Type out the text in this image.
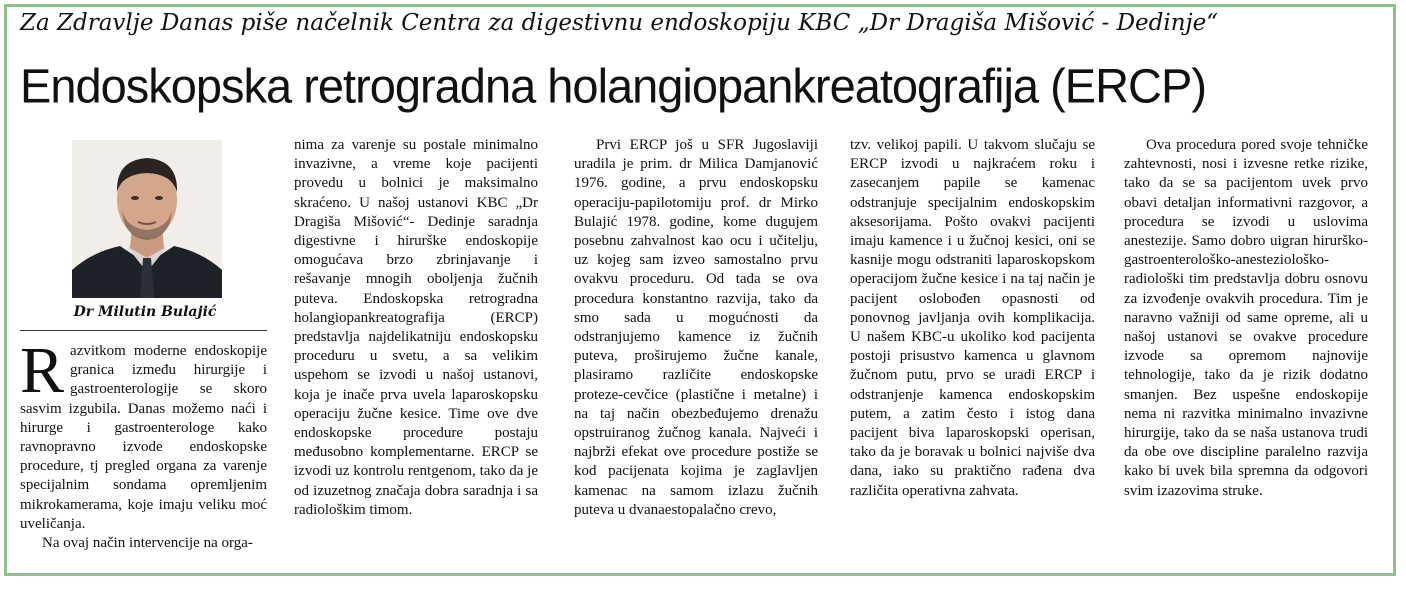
Za Zdravlje Danas piše načelnik Centra za digestivnu endoskopiju KBC „Dr Dragiša Mišović - Dedinje“
Endoskopska retrogradna holangiopankreatografija (ERCP)
Dr Milutin Bulajić

Razvitkom moderne endoskopije granica između hirurgije i gastroenterologije se skoro sasvim izgubila. Danas možemo naći i hirurge i gastroenterologe kako ravnopravno izvode endoskopske procedure, tj pregled organa za varenje specijalnim sondama opremljenim mikrokamerama, koje imaju veliku moć uveličanja.

Na ovaj način intervencije na orga-

nima za varenje su postale minimalno invazivne, a vreme koje pacijenti provedu u bolnici je maksimalno skraćeno. U našoj ustanovi KBC „Dr Dragiša Mišović“- Dedinje saradnja digestivne i hirurške endoskopije omogućava brzo zbrinjavanje i rešavanje mnogih oboljenja žučnih puteva. Endoskopska retrogradna holangiopankreatografija (ERCP) predstavlja najdelikatniju endoskopsku proceduru u svetu, a sa velikim uspehom se izvodi u našoj ustanovi, koja je inače prva uvela laparoskopsku operaciju žučne kesice. Time ove dve endoskopske procedure postaju međusobno komplementarne. ERCP se izvodi uz kontrolu rentgenom, tako da je od izuzetnog značaja dobra saradnja i sa radiološkim timom.

Prvi ERCP još u SFR Jugoslaviji uradila je prim. dr Milica Damjanović 1976. godine, a prvu endoskopsku operaciju-papilotomiju prof. dr Mirko Bulajić 1978. godine, kome dugujem posebnu zahvalnost kao ocu i učitelju, uz kojeg sam izveo samostalno prvu ovakvu proceduru. Od tada se ova procedura konstantno razvija, tako da smo sada u mogućnosti da odstranjujemo kamence iz žučnih puteva, proširujemo žučne kanale, plasiramo različite endoskopske proteze-cevčice (plastične i metalne) i na taj način obezbeđujemo drenažu opstruiranog žučnog kanala. Najveći i najbrži efekat ove procedure postiže se kod pacijenata kojima je zaglavljen kamenac na samom izlazu žučnih puteva u dvanaestopalačno crevo,

tzv. velikoj papili. U takvom slučaju se ERCP izvodi u najkraćem roku i zasecanjem papile se kamenac odstranjuje specijalnim endoskopskim aksesorijama. Pošto ovakvi pacijenti imaju kamence i u žučnoj kesici, oni se kasnije mogu odstraniti laparoskopskom operacijom žučne kesice i na taj način je pacijent oslobođen opasnosti od ponovnog javljanja ovih komplikacija. U našem KBC-u ukoliko kod pacijenta postoji prisustvo kamenca u glavnom žučnom putu, prvo se uradi ERCP i odstranjenje kamenca endoskopskim putem, a zatim često i istog dana pacijent biva laparoskopski operisan, tako da je boravak u bolnici najviše dva dana, iako su praktično rađena dva različita operativna zahvata.

Ova procedura pored svoje tehničke zahtevnosti, nosi i izvesne retke rizike, tako da se sa pacijentom uvek prvo obavi detaljan informativni razgovor, a procedura se izvodi u uslovima anestezije. Samo dobro uigran hirurško-gastroenterološko-anesteziološko-radiološki tim predstavlja dobru osnovu za izvođenje ovakvih procedura. Tim je naravno važniji od same opreme, ali u našoj ustanovi se ovakve procedure izvode sa opremom najnovije tehnologije, tako da je rizik dodatno smanjen. Bez uspešne endoskopije nema ni razvitka minimalno invazivne hirurgije, tako da se naša ustanova trudi da obe ove discipline paralelno razvija kako bi uvek bila spremna da odgovori svim izazovima struke.
